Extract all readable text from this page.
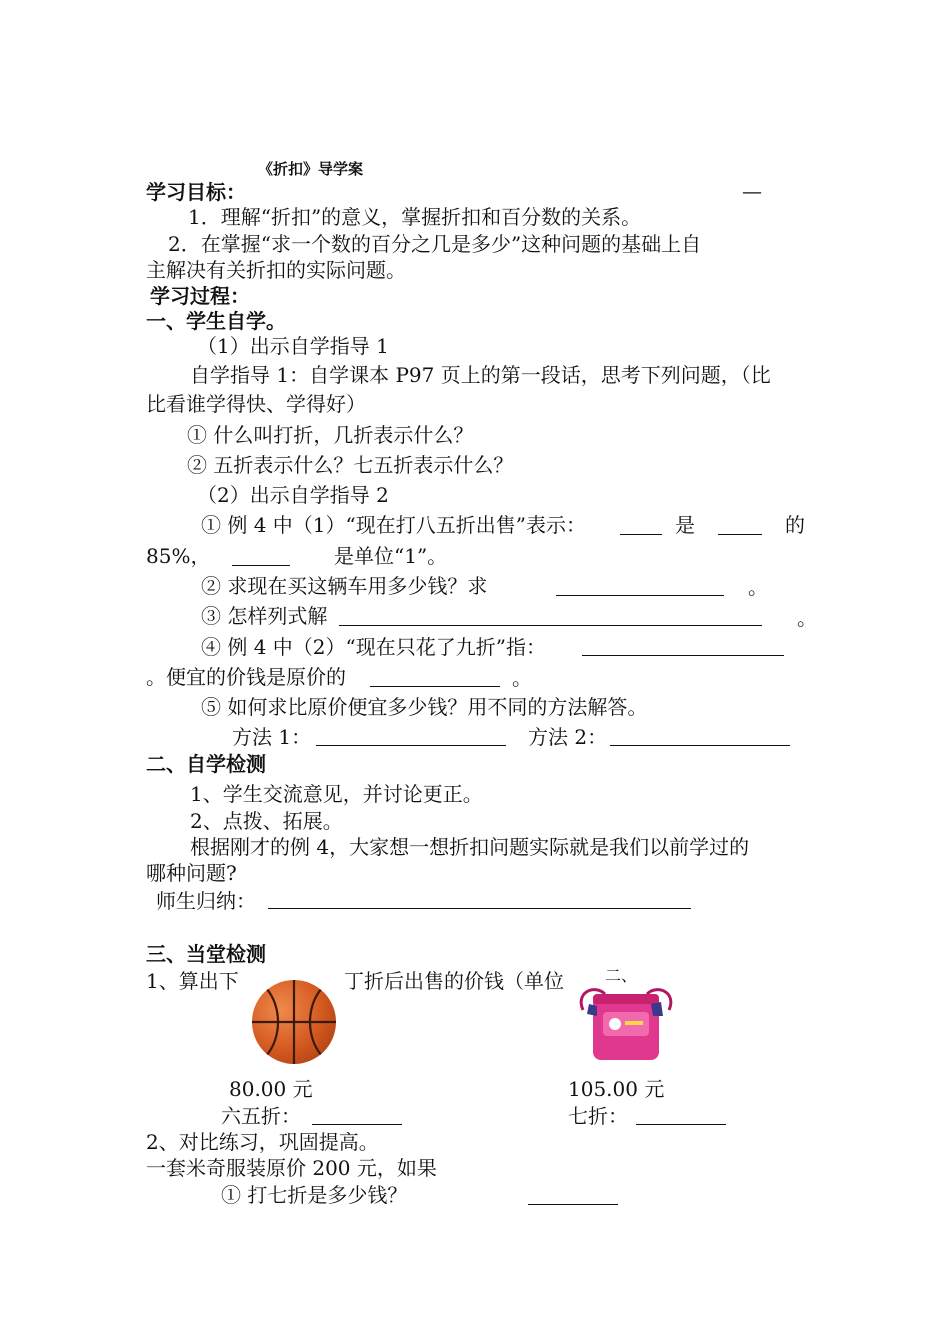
《折扣》导学案
学习目标：	—
1．理解“折扣”的意义，掌握折扣和百分数的关系。
2．在掌握“求一个数的百分之几是多少”这种问题的基础上自
主解决有关折扣的实际问题。
学习过程：
一、学生自学。
（1）出示自学指导 1
自学指导 1：自学课本 P97 页上的第一段话，思考下列问题，（比
比看谁学得快、学得好）
① 什么叫打折，几折表示什么？
② 五折表示什么？七五折表示什么？
（2）出示自学指导 2
① 例 4 中（1）“现在打八五折出售”表示：	是	的
85%，	是单位“1”。
② 求现在买这辆车用多少钱？求	。
③ 怎样列式解	。
④ 例 4 中（2）“现在只花了九折”指：
。便宜的价钱是原价的	。
⑤ 如何求比原价便宜多少钱？用不同的方法解答。
方法 1：	方法 2：
二、自学检测
1、学生交流意见，并讨论更正。
2、点拨、拓展。
根据刚才的例 4，大家想一想折扣问题实际就是我们以前学过的
哪种问题?
师生归纳：
三、当堂检测
1、算出下	丁折后出售的价钱（单位	二、
80.00 元
六五折：
105.00 元
七折：
2、对比练习，巩固提高。
一套米奇服装原价 200 元，如果
① 打七折是多少钱？
